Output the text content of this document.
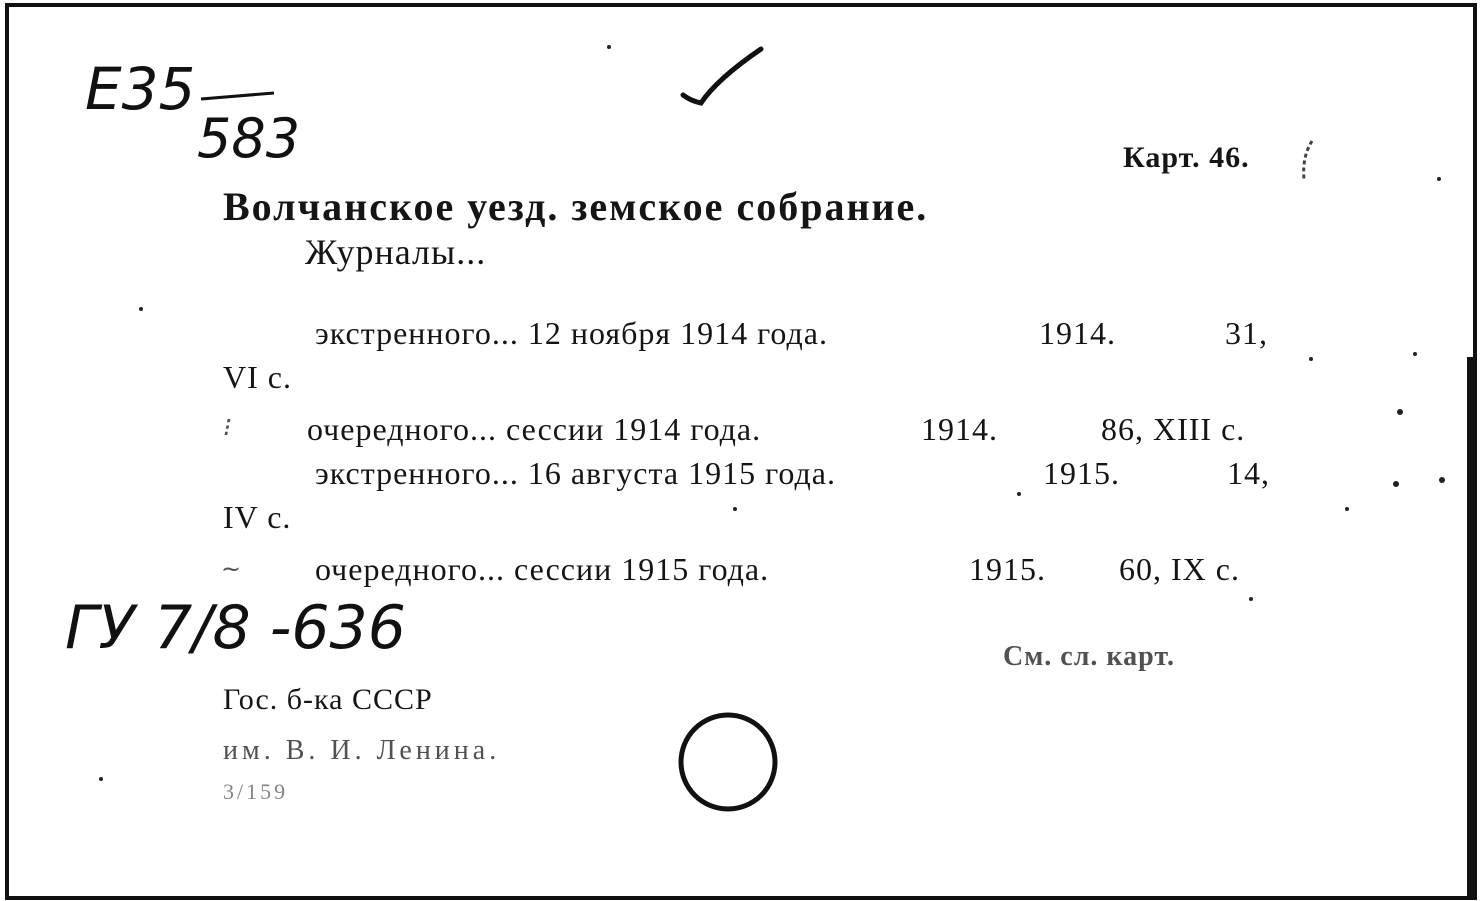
E35
583	Карт. 46.
Волчанское уезд. земское собрание.
Журналы...
экстренного... 12 ноября 1914 года.	1914.	31,
VI с.
⁝ очередного... сессии 1914 года.	1914.	86, XIII с.
экстренного... 16 августа 1915 года.	1915.	14,
IV с.
~ очередного... сессии 1915 года.	1915. 60, IX с.
ГУ 7/8 -636	См. сл. карт.
Гос. б-ка СССР
им. В. И. Ленина.
3/159
